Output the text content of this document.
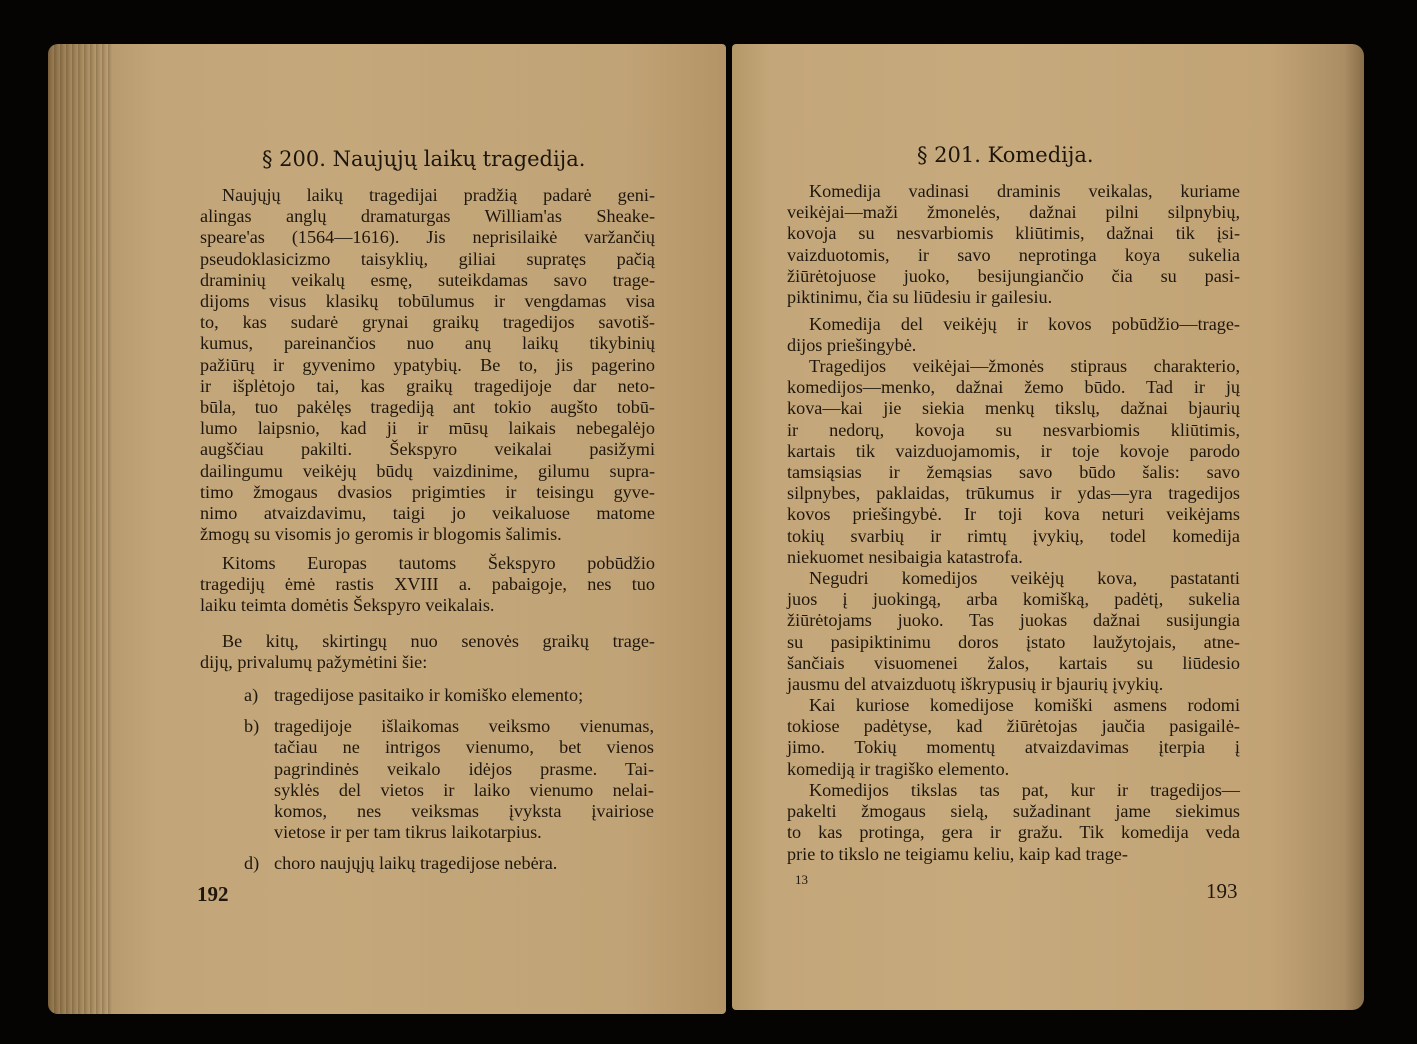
§ 200. Naujųjų laikų tragedija.
Naujųjų laikų tragedijai pradžią padarė geni-
alingas anglų dramaturgas William'as Sheake-
speare'as (1564—1616). Jis neprisilaikė varžančių
pseudoklasicizmo taisyklių, giliai supratęs pačią
draminių veikalų esmę, suteikdamas savo trage-
dijoms visus klasikų tobūlumus ir vengdamas visa
to, kas sudarė grynai graikų tragedijos savotiš-
kumus, pareinančios nuo anų laikų tikybinių
pažiūrų ir gyvenimo ypatybių. Be to, jis pagerino
ir išplėtojo tai, kas graikų tragedijoje dar neto-
būla, tuo pakėlęs tragediją ant tokio augšto tobū-
lumo laipsnio, kad ji ir mūsų laikais nebegalėjo
augščiau pakilti. Šekspyro veikalai pasižymi
dailingumu veikėjų būdų vaizdinime, gilumu supra-
timo žmogaus dvasios prigimties ir teisingu gyve-
nimo atvaizdavimu, taigi jo veikaluose matome
žmogų su visomis jo geromis ir blogomis šalimis.
Kitoms Europas tautoms Šekspyro pobūdžio
tragedijų ėmė rastis XVIII a. pabaigoje, nes tuo
laiku teimta domėtis Šekspyro veikalais.
Be kitų, skirtingų nuo senovės graikų trage-
dijų, privalumų pažymėtini šie:
a) tragedijose pasitaiko ir komiško elemento;
b) tragedijoje išlaikomas veiksmo vienumas,
tačiau ne intrigos vienumo, bet vienos
pagrindinės veikalo idėjos prasme. Tai-
syklės del vietos ir laiko vienumo nelai-
komos, nes veiksmas įvyksta įvairiose
vietose ir per tam tikrus laikotarpius.
d) choro naujųjų laikų tragedijose nebėra.
192
§ 201. Komedija.
Komedija vadinasi draminis veikalas, kuriame
veikėjai—maži žmonelės, dažnai pilni silpnybių,
kovoja su nesvarbiomis kliūtimis, dažnai tik įsi-
vaizduotomis, ir savo neprotinga koya sukelia
žiūrėtojuose juoko, besijungiančio čia su pasi-
piktinimu, čia su liūdesiu ir gailesiu.
Komedija del veikėjų ir kovos pobūdžio—trage-
dijos priešingybė.
Tragedijos veikėjai—žmonės stipraus charakterio,
komedijos—menko, dažnai žemo būdo. Tad ir jų
kova—kai jie siekia menkų tikslų, dažnai bjaurių
ir nedorų, kovoja su nesvarbiomis kliūtimis,
kartais tik vaizduojamomis, ir toje kovoje parodo
tamsiąsias ir žemąsias savo būdo šalis: savo
silpnybes, paklaidas, trūkumus ir ydas—yra tragedijos
kovos priešingybė. Ir toji kova neturi veikėjams
tokių svarbių ir rimtų įvykių, todel komedija
niekuomet nesibaigia katastrofa.
Negudri komedijos veikėjų kova, pastatanti
juos į juokingą, arba komišką, padėtį, sukelia
žiūrėtojams juoko. Tas juokas dažnai susijungia
su pasipiktinimu doros įstato laužytojais, atne-
šančiais visuomenei žalos, kartais su liūdesio
jausmu del atvaizduotų iškrypusių ir bjaurių įvykių.
Kai kuriose komedijose komiški asmens rodomi
tokiose padėtyse, kad žiūrėtojas jaučia pasigailė-
jimo. Tokių momentų atvaizdavimas įterpia į
komediją ir tragiško elemento.
Komedijos tikslas tas pat, kur ir tragedijos—
pakelti žmogaus sielą, sužadinant jame siekimus
to kas protinga, gera ir gražu. Tik komedija veda
prie to tikslo ne teigiamu keliu, kaip kad trage-
13	193
